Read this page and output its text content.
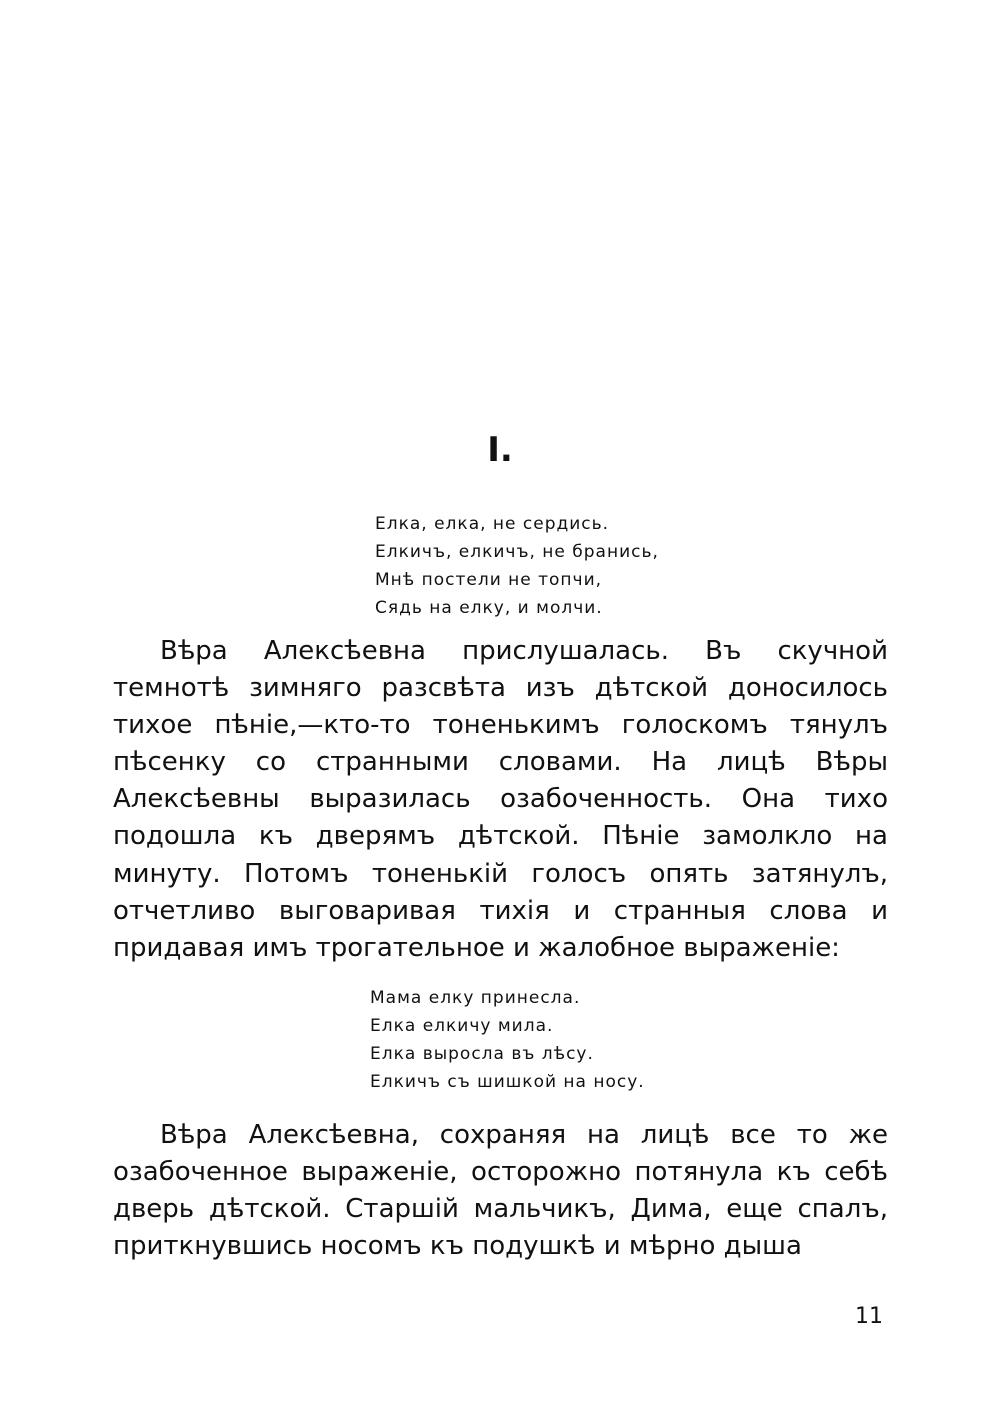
I.
Елка, елка, не сердись.
Елкичъ, елкичъ, не бранись,
Мнѣ постели не топчи,
Сядь на елку, и молчи.

Вѣра Алексѣевна прислушалась. Въ скучной темнотѣ зимняго разсвѣта изъ дѣтской доносилось тихое пѣнiе,—кто-то тоненькимъ голоскомъ тянулъ пѣсенку со странными словами. На лицѣ Вѣры Алексѣевны выразилась озабоченность. Она тихо подошла къ дверямъ дѣтской. Пѣнiе замолкло на минуту. Потомъ тоненькiй голосъ опять затянулъ, отчетливо выговаривая тихiя и странныя слова и придавая имъ трогательное и жалобное выраженiе:

Мама елку принесла.
Елка елкичу мила.
Елка выросла въ лѣсу.
Елкичъ съ шишкой на носу.

Вѣра Алексѣевна, сохраняя на лицѣ все то же озабоченное выраженiе, осторожно потянула къ себѣ дверь дѣтской. Старшiй мальчикъ, Дима, еще спалъ, приткнувшись носомъ къ подушкѣ и мѣрно дыша

11
